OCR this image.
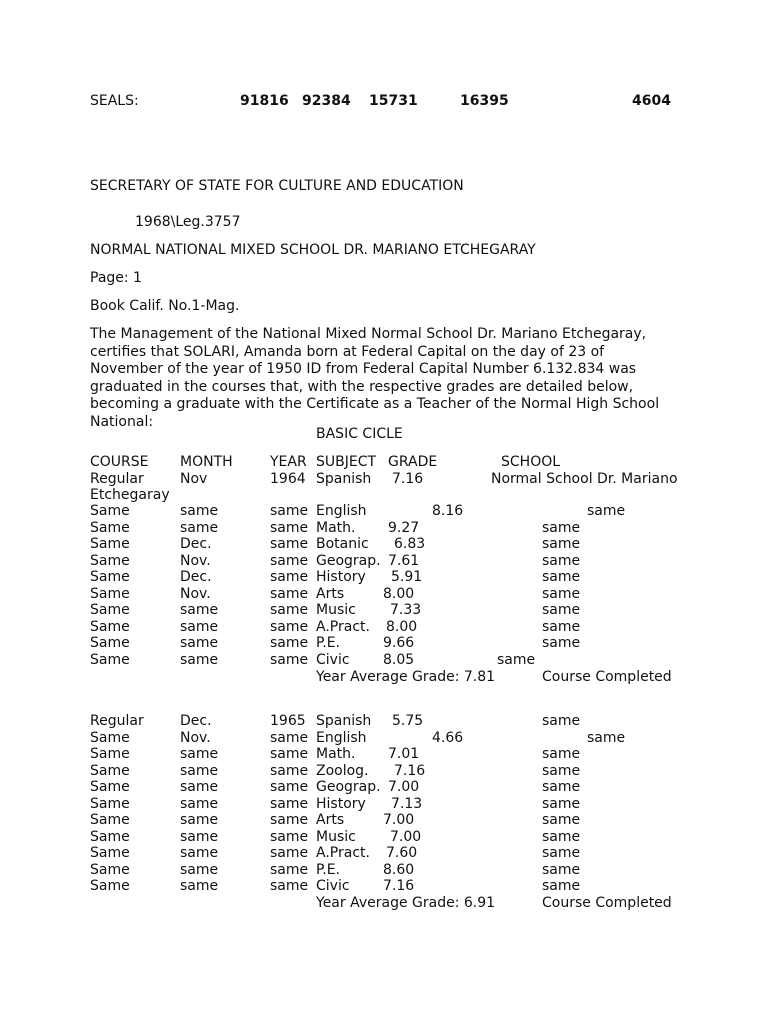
SEALS:	91816 92384 15731	16395	4604
SECRETARY OF STATE FOR CULTURE AND EDUCATION
1968\Leg.3757
NORMAL NATIONAL MIXED SCHOOL DR. MARIANO ETCHEGARAY
Page: 1
Book Calif. No.1-Mag.
The Management of the National Mixed Normal School Dr. Mariano Etchegaray, certifies that SOLARI, Amanda born at Federal Capital on the day of 23 of November of the year of 1950 ID from Federal Capital Number 6.132.834 was graduated in the courses that, with the respective grades are detailed below, becoming a graduate with the Certificate as a Teacher of the Normal High School National:
BASIC CICLE
COURSE MONTH	YEAR SUBJECT GRADE	SCHOOL
Regular	Nov	1964 Spanish 7.16	Normal School Dr. Mariano
Etchegaray
Same	same	same English	8.16	same
Same	same	same Math. 9.27	same
Same	Dec.	same Botanic 6.83	same
Same	Nov.	same Geograp. 7.61	same
Same	Dec.	same History 5.91	same
Same	Nov.	same Arts	8.00	same
Same	same	same Music 7.33	same
Same	same	same A.Pract. 8.00	same
Same	same	same P.E.	9.66	same
Same	same	same Civic 8.05	same
Year Average Grade: 7.81	Course Completed
Regular	Dec.	1965 Spanish 5.75	same
Same	Nov.	same English	4.66	same
Same	same	same Math. 7.01	same
Same	same	same Zoolog. 7.16	same
Same	same	same Geograp. 7.00	same
Same	same	same History 7.13	same
Same	same	same Arts	7.00	same
Same	same	same Music 7.00	same
Same	same	same A.Pract. 7.60	same
Same	same	same P.E.	8.60	same
Same	same	same Civic 7.16	same
Year Average Grade: 6.91	Course Completed
